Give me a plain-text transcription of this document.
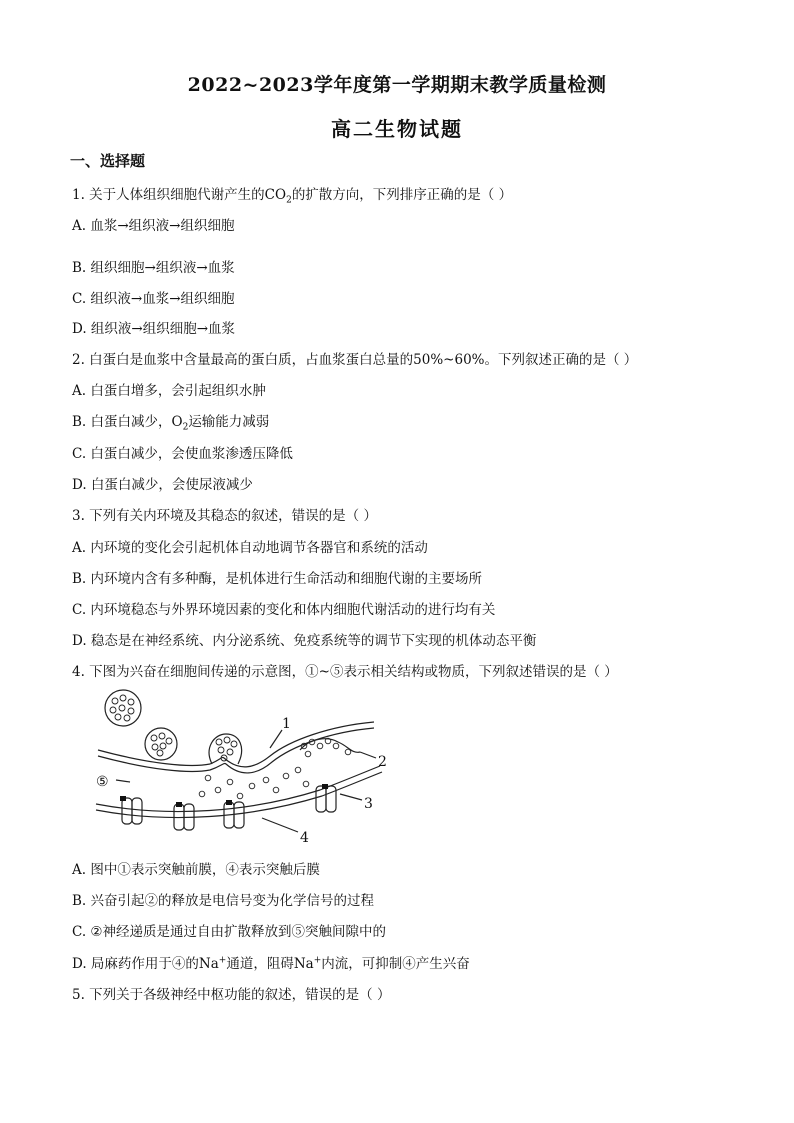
2022~2023学年度第一学期期末教学质量检测
高二生物试题
一、选择题
1. 关于人体组织细胞代谢产生的$CO_2$的扩散方向，下列排序正确的是（ ）
A. 血浆→组织液→组织细胞
B. 组织细胞→组织液→血浆
C. 组织液→血浆→组织细胞
D. 组织液→组织细胞→血浆
2. 白蛋白是血浆中含量最高的蛋白质，占血浆蛋白总量的50%~60%。下列叙述正确的是（ ）
A. 白蛋白增多，会引起组织水肿
B. 白蛋白减少，$O_2$运输能力减弱
C. 白蛋白减少，会使血浆渗透压降低
D. 白蛋白减少，会使尿液减少
3. 下列有关内环境及其稳态的叙述，错误的是（ ）
A. 内环境的变化会引起机体自动地调节各器官和系统的活动
B. 内环境内含有多种酶，是机体进行生命活动和细胞代谢的主要场所
C. 内环境稳态与外界环境因素的变化和体内细胞代谢活动的进行均有关
D. 稳态是在神经系统、内分泌系统、免疫系统等的调节下实现的机体动态平衡
4. 下图为兴奋在细胞间传递的示意图，①~⑤表示相关结构或物质，下列叙述错误的是（ ）
1
2
3
4
⑤
A. 图中①表示突触前膜，④表示突触后膜
B. 兴奋引起②的释放是电信号变为化学信号的过程
C. ②神经递质是通过自由扩散释放到⑤突触间隙中的
D. 局麻药作用于④的Na+通道，阻碍Na+内流，可抑制④产生兴奋
5. 下列关于各级神经中枢功能的叙述，错误的是（ ）
